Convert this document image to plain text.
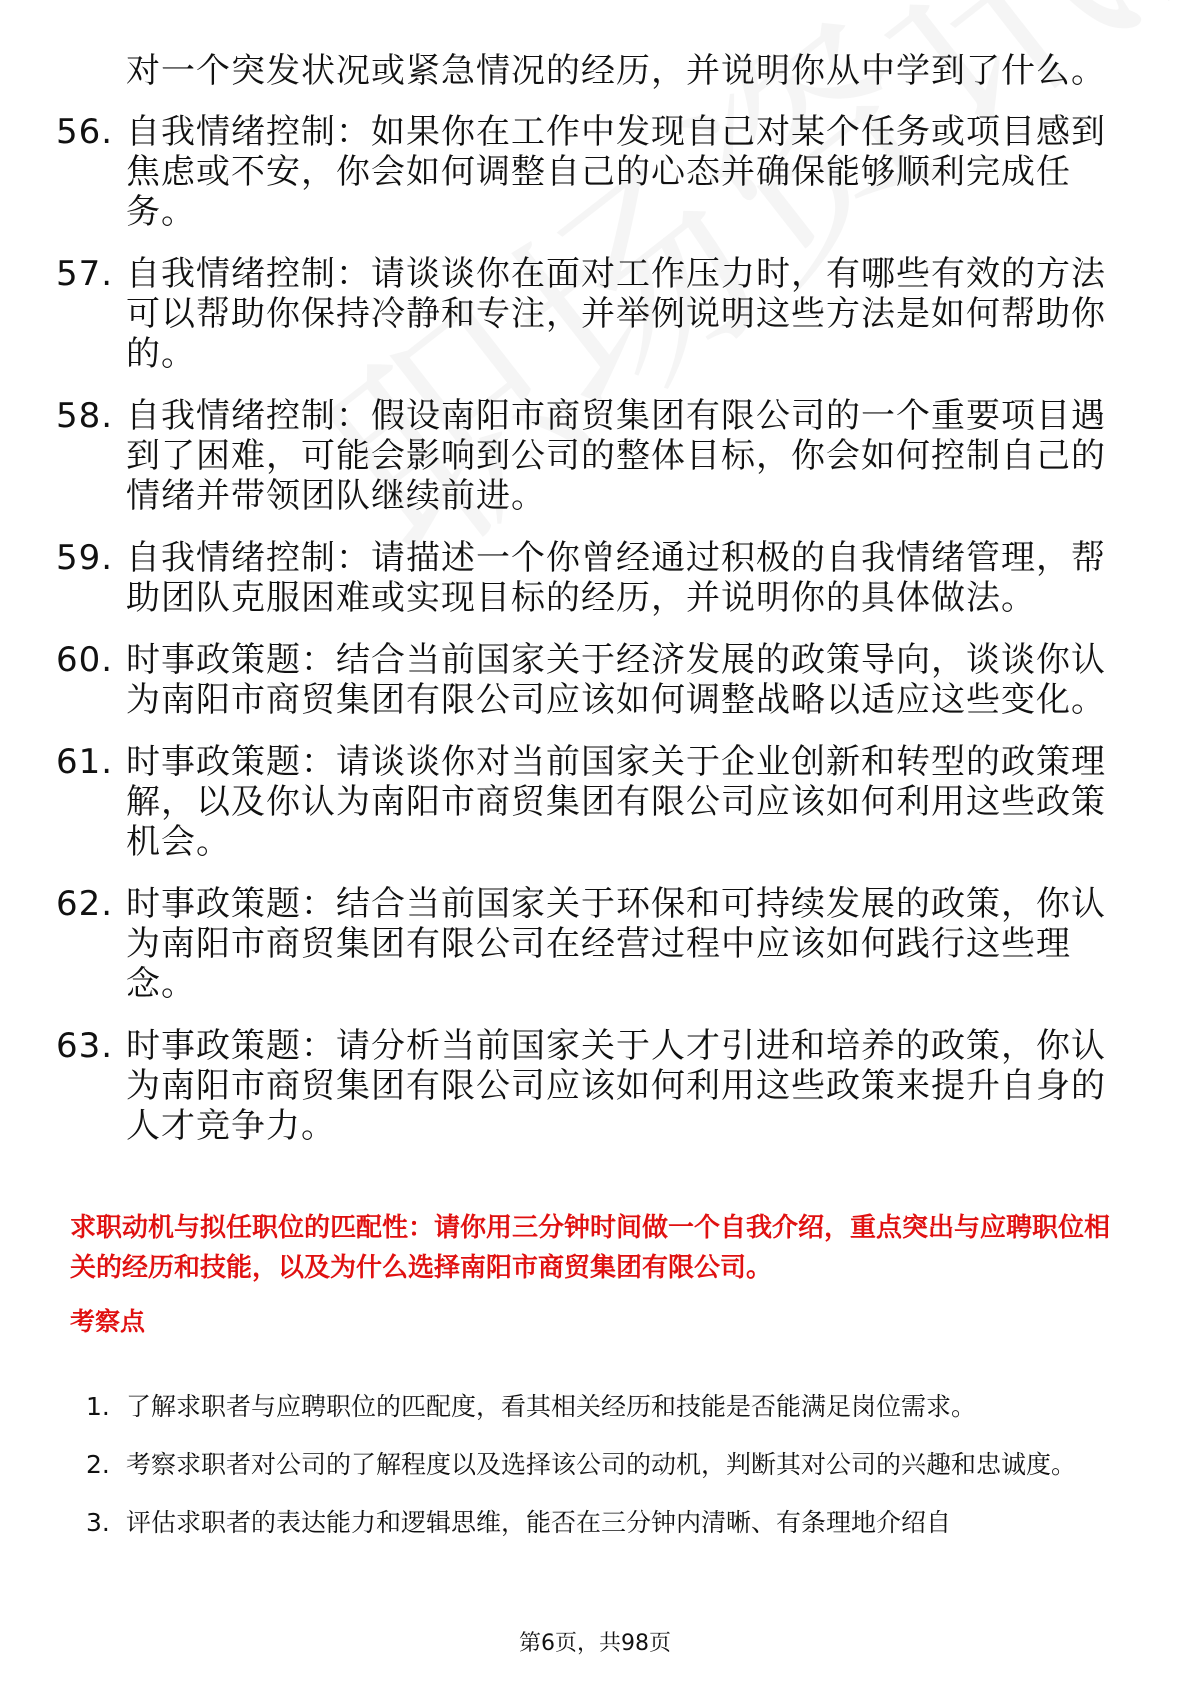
对一个突发状况或紧急情况的经历，并说明你从中学到了什么。
56. 自我情绪控制：如果你在工作中发现自己对某个任务或项目感到焦虑或不安，你会如何调整自己的心态并确保能够顺利完成任务。
57. 自我情绪控制：请谈谈你在面对工作压力时，有哪些有效的方法可以帮助你保持冷静和专注，并举例说明这些方法是如何帮助你的。
58. 自我情绪控制：假设南阳市商贸集团有限公司的一个重要项目遇到了困难，可能会影响到公司的整体目标，你会如何控制自己的情绪并带领团队继续前进。
59. 自我情绪控制：请描述一个你曾经通过积极的自我情绪管理，帮助团队克服困难或实现目标的经历，并说明你的具体做法。
60. 时事政策题：结合当前国家关于经济发展的政策导向，谈谈你认为南阳市商贸集团有限公司应该如何调整战略以适应这些变化。
61. 时事政策题：请谈谈你对当前国家关于企业创新和转型的政策理解，以及你认为南阳市商贸集团有限公司应该如何利用这些政策机会。
62. 时事政策题：结合当前国家关于环保和可持续发展的政策，你认为南阳市商贸集团有限公司在经营过程中应该如何践行这些理念。
63. 时事政策题：请分析当前国家关于人才引进和培养的政策，你认为南阳市商贸集团有限公司应该如何利用这些政策来提升自身的人才竞争力。
求职动机与拟任职位的匹配性：请你用三分钟时间做一个自我介绍，重点突出与应聘职位相关的经历和技能，以及为什么选择南阳市商贸集团有限公司。
考察点
1. 了解求职者与应聘职位的匹配度，看其相关经历和技能是否能满足岗位需求。
2. 考察求职者对公司的了解程度以及选择该公司的动机，判断其对公司的兴趣和忠诚度。
3. 评估求职者的表达能力和逻辑思维，能否在三分钟内清晰、有条理地介绍自
第6页，共98页
